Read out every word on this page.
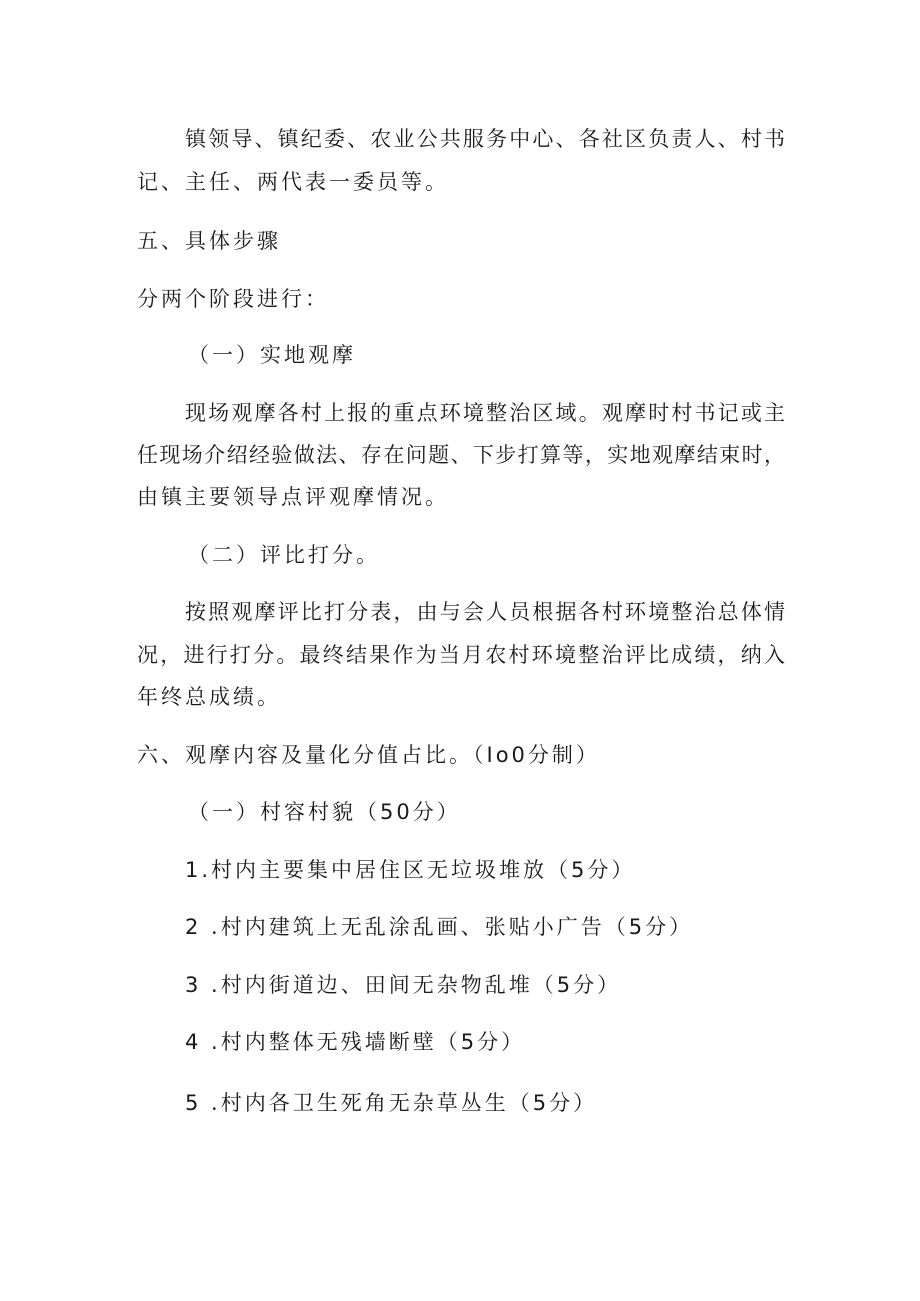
镇领导、镇纪委、农业公共服务中心、各社区负责人、村书
记、主任、两代表一委员等。
五、具体步骤
分两个阶段进行：
（一）实地观摩
现场观摩各村上报的重点环境整治区域。观摩时村书记或主
任现场介绍经验做法、存在问题、下步打算等，实地观摩结束时，
由镇主要领导点评观摩情况。
（二）评比打分。
按照观摩评比打分表，由与会人员根据各村环境整治总体情
况，进行打分。最终结果作为当月农村环境整治评比成绩，纳入
年终总成绩。
六、观摩内容及量化分值占比。（Io0分制）
（一）村容村貌（50分）
1.村内主要集中居住区无垃圾堆放（5分）
2 .村内建筑上无乱涂乱画、张贴小广告（5分）
3 .村内街道边、田间无杂物乱堆（5分）
4 .村内整体无残墙断壁（5分）
5 .村内各卫生死角无杂草丛生（5分）
